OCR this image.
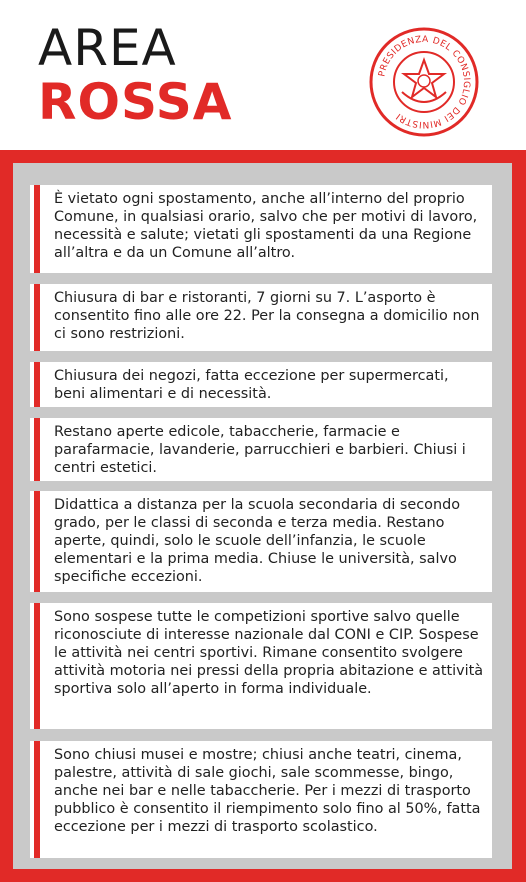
AREA
ROSSA	PRESIDENZA DEL CONSIGLIO DEI MINISTRI

È vietato ogni spostamento, anche all’interno del proprio Comune, in qualsiasi orario, salvo che per motivi di lavoro, necessità e salute; vietati gli spostamenti da una Regione all’altra e da un Comune all’altro.

Chiusura di bar e ristoranti, 7 giorni su 7. L’asporto è consentito fino alle ore 22. Per la consegna a domicilio non ci sono restrizioni.

Chiusura dei negozi, fatta eccezione per supermercati, beni alimentari e di necessità.

Restano aperte edicole, tabaccherie, farmacie e parafarmacie, lavanderie, parrucchieri e barbieri. Chiusi i centri estetici.

Didattica a distanza per la scuola secondaria di secondo grado, per le classi di seconda e terza media. Restano aperte, quindi, solo le scuole dell’infanzia, le scuole elementari e la prima media. Chiuse le università, salvo specifiche eccezioni.

Sono sospese tutte le competizioni sportive salvo quelle riconosciute di interesse nazionale dal CONI e CIP. Sospese le attività nei centri sportivi. Rimane consentito svolgere attività motoria nei pressi della propria abitazione e attività sportiva solo all’aperto in forma individuale.

Sono chiusi musei e mostre; chiusi anche teatri, cinema, palestre, attività di sale giochi, sale scommesse, bingo, anche nei bar e nelle tabaccherie. Per i mezzi di trasporto pubblico è consentito il riempimento solo fino al 50%, fatta eccezione per i mezzi di trasporto scolastico.
